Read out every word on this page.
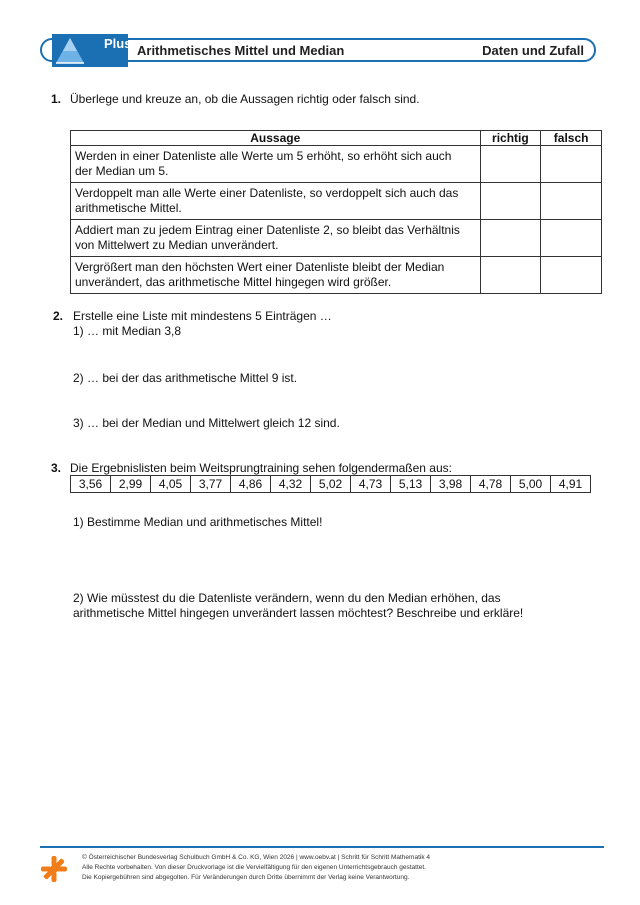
Plus Arithmetisches Mittel und Median	Daten und Zufall
1. Überlege und kreuze an, ob die Aussagen richtig oder falsch sind.
Aussage	richtig	falsch

Werden in einer Datenliste alle Werte um 5 erhöht, so erhöht sich auch
der Median um 5.		

Verdoppelt man alle Werte einer Datenliste, so verdoppelt sich auch das
arithmetische Mittel.		

Addiert man zu jedem Eintrag einer Datenliste 2, so bleibt das Verhältnis
von Mittelwert zu Median unverändert.		

Vergrößert man den höchsten Wert einer Datenliste bleibt der Median
unverändert, das arithmetische Mittel hingegen wird größer.		

2. Erstelle eine Liste mit mindestens 5 Einträgen …
1) … mit Median 3,8
2) … bei der das arithmetische Mittel 9 ist.
3) … bei der Median und Mittelwert gleich 12 sind.
3. Die Ergebnislisten beim Weitsprungtraining sehen folgendermaßen aus:
3,56	2,99	4,05	3,77	4,86	4,32	5,02	4,73	5,13	3,98	4,78	5,00	4,91
1) Bestimme Median und arithmetisches Mittel!
2) Wie müsstest du die Datenliste verändern, wenn du den Median erhöhen, das
arithmetische Mittel hingegen unverändert lassen möchtest? Beschreibe und erkläre!
© Österreichischer Bundesverlag Schulbuch GmbH & Co. KG, Wien 2026 | www.oebv.at | Schritt für Schritt Mathematik 4
Alle Rechte vorbehalten. Von dieser Druckvorlage ist die Vervielfältigung für den eigenen Unterrichtsgebrauch gestattet.
Die Kopiergebühren sind abgegolten. Für Veränderungen durch Dritte übernimmt der Verlag keine Verantwortung.
